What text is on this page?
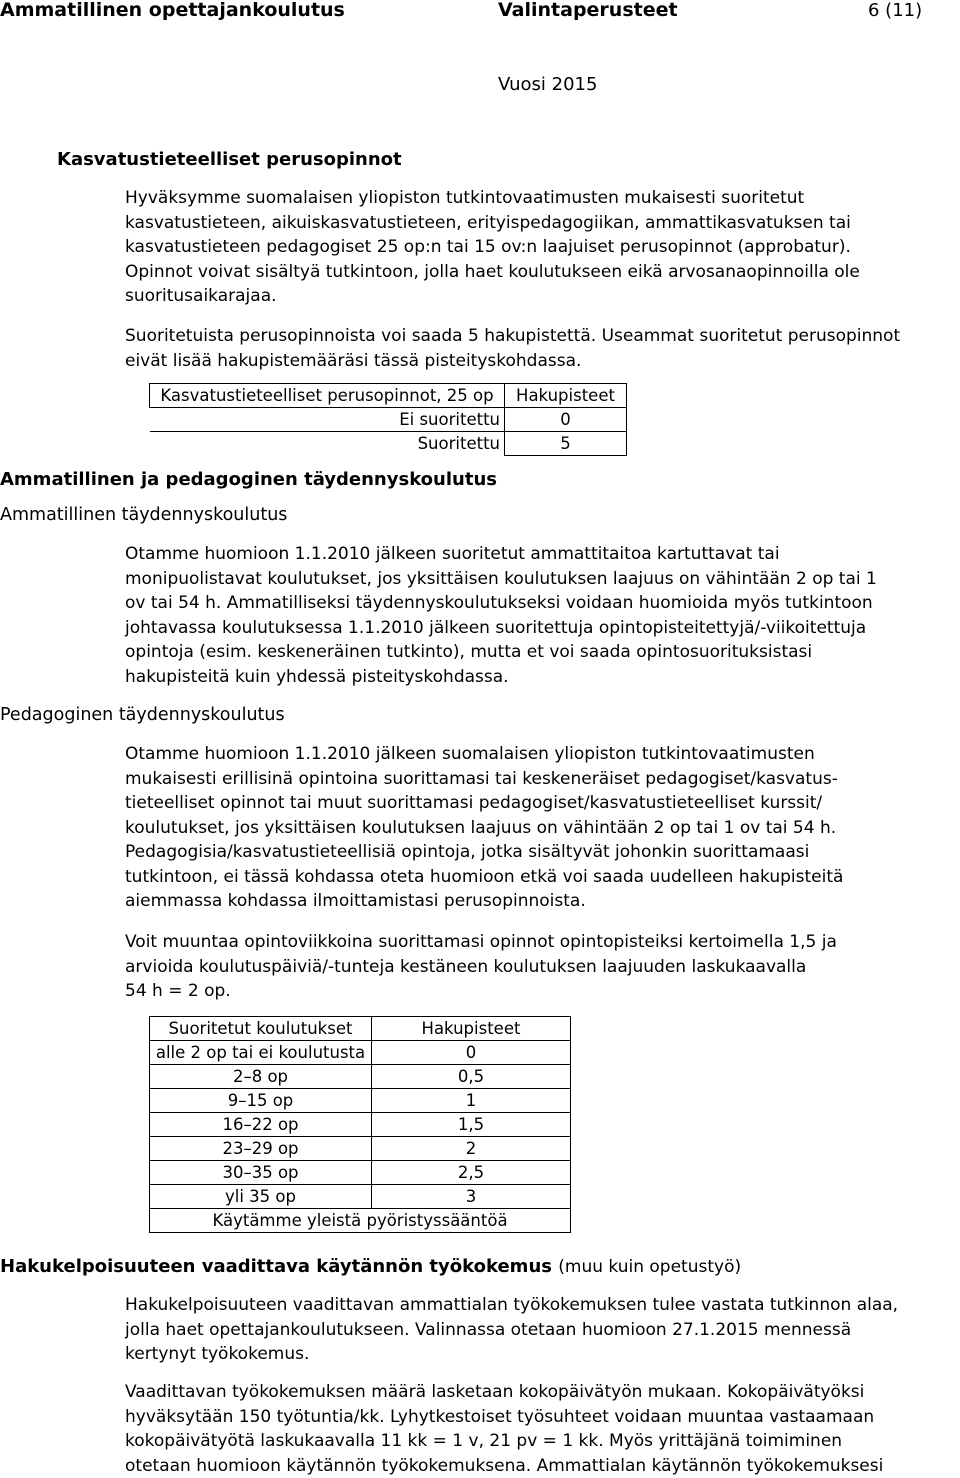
Ammatillinen opettajankoulutus	Valintaperusteet	6 (11)
Vuosi 2015
Kasvatustieteelliset perusopinnot
Hyväksymme suomalaisen yliopiston tutkintovaatimusten mukaisesti suoritetut
kasvatustieteen, aikuiskasvatustieteen, erityispedagogiikan, ammattikasvatuksen tai
kasvatustieteen pedagogiset 25 op:n tai 15 ov:n laajuiset perusopinnot (approbatur).
Opinnot voivat sisältyä tutkintoon, jolla haet koulutukseen eikä arvosanaopinnoilla ole
suoritusaikarajaa.
Suoritetuista perusopinnoista voi saada 5 hakupistettä. Useammat suoritetut perusopinnot
eivät lisää hakupistemääräsi tässä pisteityskohdassa.
Kasvatustieteelliset perusopinnot, 25 op	Hakupisteet
Ei suoritettu	0
Suoritettu	5
Ammatillinen ja pedagoginen täydennyskoulutus
Ammatillinen täydennyskoulutus
Otamme huomioon 1.1.2010 jälkeen suoritetut ammattitaitoa kartuttavat tai
monipuolistavat koulutukset, jos yksittäisen koulutuksen laajuus on vähintään 2 op tai 1
ov tai 54 h. Ammatilliseksi täydennyskoulutukseksi voidaan huomioida myös tutkintoon
johtavassa koulutuksessa 1.1.2010 jälkeen suoritettuja opintopisteitettyjä/-viikoitettuja
opintoja (esim. keskeneräinen tutkinto), mutta et voi saada opintosuorituksistasi
hakupisteitä kuin yhdessä pisteityskohdassa.
Pedagoginen täydennyskoulutus
Otamme huomioon 1.1.2010 jälkeen suomalaisen yliopiston tutkintovaatimusten
mukaisesti erillisinä opintoina suorittamasi tai keskeneräiset pedagogiset/kasvatus-
tieteelliset opinnot tai muut suorittamasi pedagogiset/kasvatustieteelliset kurssit/
koulutukset, jos yksittäisen koulutuksen laajuus on vähintään 2 op tai 1 ov tai 54 h.
Pedagogisia/kasvatustieteellisiä opintoja, jotka sisältyvät johonkin suorittamaasi
tutkintoon, ei tässä kohdassa oteta huomioon etkä voi saada uudelleen hakupisteitä
aiemmassa kohdassa ilmoittamistasi perusopinnoista.
Voit muuntaa opintoviikkoina suorittamasi opinnot opintopisteiksi kertoimella 1,5 ja
arvioida koulutuspäiviä/-tunteja kestäneen koulutuksen laajuuden laskukaavalla
54 h = 2 op.
Suoritetut koulutukset	Hakupisteet
alle 2 op tai ei koulutusta	0
2–8 op	0,5
9–15 op	1
16–22 op	1,5
23–29 op	2
30–35 op	2,5
yli 35 op	3
Käytämme yleistä pyöristyssääntöä	
Hakukelpoisuuteen vaadittava käytännön työkokemus (muu kuin opetustyö)
Hakukelpoisuuteen vaadittavan ammattialan työkokemuksen tulee vastata tutkinnon alaa,
jolla haet opettajankoulutukseen. Valinnassa otetaan huomioon 27.1.2015 mennessä
kertynyt työkokemus.
Vaadittavan työkokemuksen määrä lasketaan kokopäivätyön mukaan. Kokopäivätyöksi
hyväksytään 150 työtuntia/kk. Lyhytkestoiset työsuhteet voidaan muuntaa vastaamaan
kokopäivätyötä laskukaavalla 11 kk = 1 v, 21 pv = 1 kk. Myös yrittäjänä toimiminen
otetaan huomioon käytännön työkokemuksena. Ammattialan käytännön työkokemuksesi
